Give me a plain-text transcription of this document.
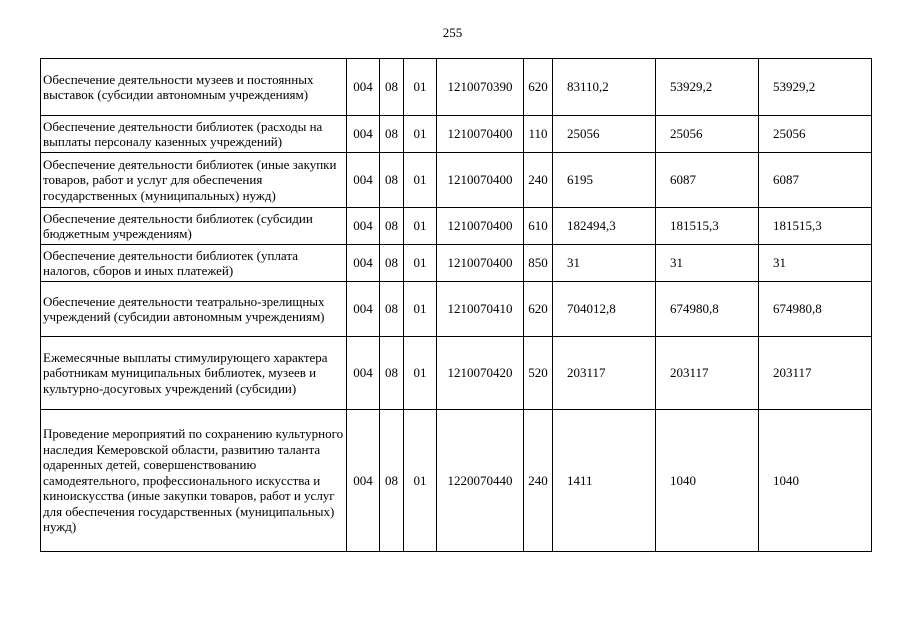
255
Обеспечение деятельности музеев и постоянных выставок (субсидии автономным учреждениям)	004	08	01	1210070390	620	83110,2	53929,2	53929,2
Обеспечение деятельности библиотек (расходы на выплаты персоналу казенных учреждений)	004	08	01	1210070400	110	25056	25056	25056
Обеспечение деятельности библиотек (иные закупки товаров, работ и услуг для обеспечения государственных (муниципальных) нужд)	004	08	01	1210070400	240	6195	6087	6087
Обеспечение деятельности библиотек (субсидии бюджетным учреждениям)	004	08	01	1210070400	610	182494,3	181515,3	181515,3
Обеспечение деятельности библиотек (уплата налогов, сборов и иных платежей)	004	08	01	1210070400	850	31	31	31
Обеспечение деятельности театрально-зрелищных учреждений (субсидии автономным учреждениям)	004	08	01	1210070410	620	704012,8	674980,8	674980,8
Ежемесячные выплаты стимулирующего характера работникам муниципальных библиотек, музеев и культурно-досуговых учреждений (субсидии)	004	08	01	1210070420	520	203117	203117	203117
Проведение мероприятий по сохранению культурного наследия Кемеровской области, развитию таланта одаренных детей, совершенствованию самодеятельного, профессионального искусства и киноискусства (иные закупки товаров, работ и услуг для обеспечения государственных (муниципальных) нужд)	004	08	01	1220070440	240	1411	1040	1040
